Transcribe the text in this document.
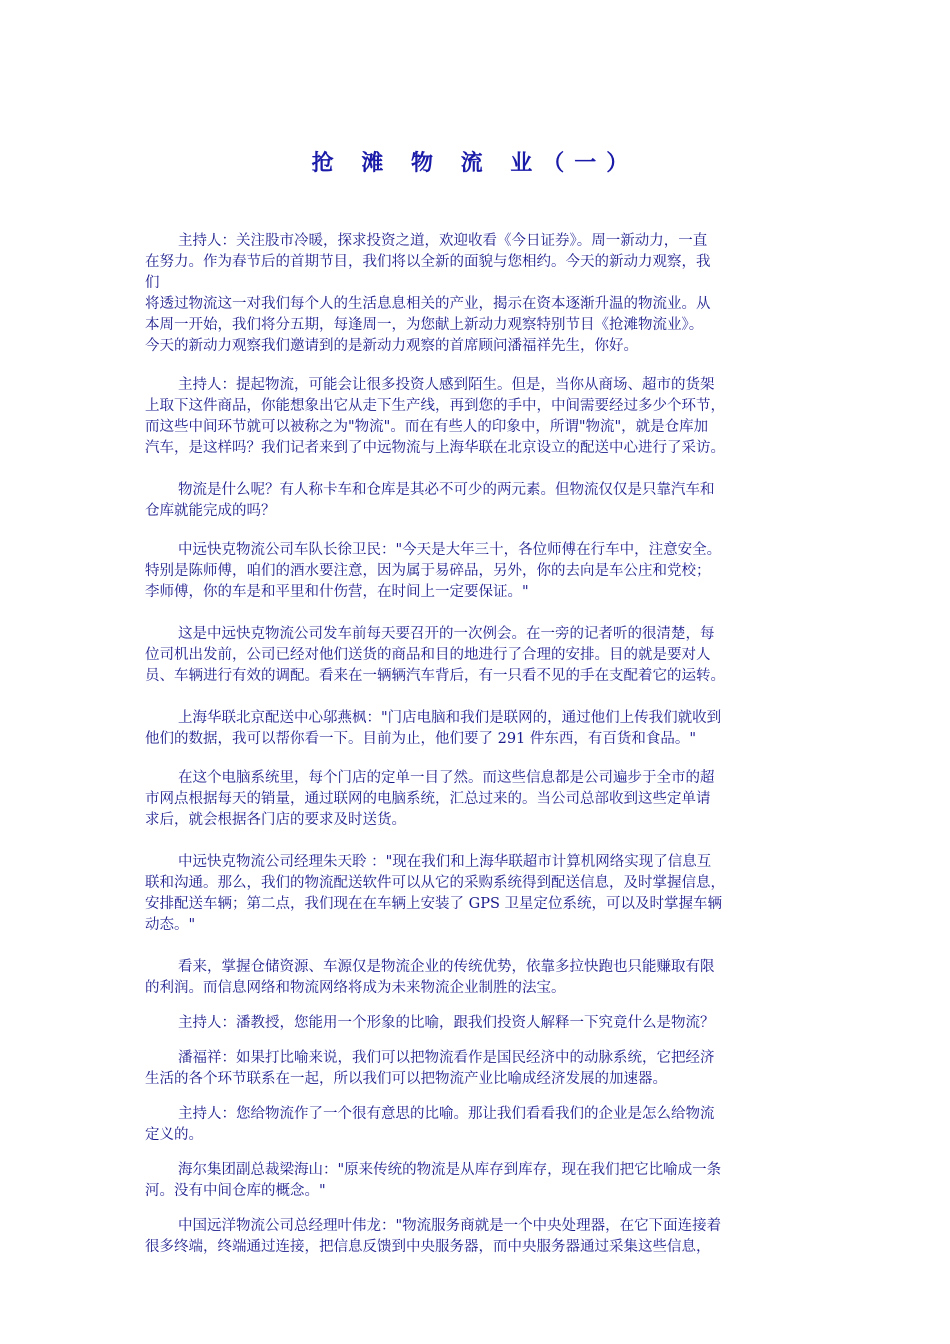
抢 滩 物 流 业（一）
主持人：关注股市冷暖，探求投资之道，欢迎收看《今日证券》。周一新动力，一直
在努力。作为春节后的首期节目，我们将以全新的面貌与您相约。今天的新动力观察，我
们
将透过物流这一对我们每个人的生活息息相关的产业，揭示在资本逐渐升温的物流业。从
本周一开始，我们将分五期，每逢周一，为您献上新动力观察特别节目《抢滩物流业》。
今天的新动力观察我们邀请到的是新动力观察的首席顾问潘福祥先生，你好。
主持人：提起物流，可能会让很多投资人感到陌生。但是，当你从商场、超市的货架
上取下这件商品，你能想象出它从走下生产线，再到您的手中，中间需要经过多少个环节，
而这些中间环节就可以被称之为"物流"。而在有些人的印象中，所谓"物流"，就是仓库加
汽车，是这样吗？我们记者来到了中远物流与上海华联在北京设立的配送中心进行了采访。
物流是什么呢？有人称卡车和仓库是其必不可少的两元素。但物流仅仅是只靠汽车和
仓库就能完成的吗？
中远快克物流公司车队长徐卫民："今天是大年三十，各位师傅在行车中，注意安全。
特别是陈师傅，咱们的酒水要注意，因为属于易碎品，另外，你的去向是车公庄和党校；
李师傅，你的车是和平里和什伤营，在时间上一定要保证。"
这是中远快克物流公司发车前每天要召开的一次例会。在一旁的记者听的很清楚，每
位司机出发前，公司已经对他们送货的商品和目的地进行了合理的安排。目的就是要对人
员、车辆进行有效的调配。看来在一辆辆汽车背后，有一只看不见的手在支配着它的运转。
上海华联北京配送中心邬燕枫："门店电脑和我们是联网的，通过他们上传我们就收到
他们的数据，我可以帮你看一下。目前为止，他们要了 291 件东西，有百货和食品。"
在这个电脑系统里，每个门店的定单一目了然。而这些信息都是公司遍步于全市的超
市网点根据每天的销量，通过联网的电脑系统，汇总过来的。当公司总部收到这些定单请
求后，就会根据各门店的要求及时送货。
中远快克物流公司经理朱天聆 ："现在我们和上海华联超市计算机网络实现了信息互
联和沟通。那么，我们的物流配送软件可以从它的采购系统得到配送信息，及时掌握信息，
安排配送车辆；第二点，我们现在在车辆上安装了 GPS 卫星定位系统，可以及时掌握车辆
动态。"
看来，掌握仓储资源、车源仅是物流企业的传统优势，依靠多拉快跑也只能赚取有限
的利润。而信息网络和物流网络将成为未来物流企业制胜的法宝。
主持人：潘教授，您能用一个形象的比喻，跟我们投资人解释一下究竟什么是物流？
潘福祥：如果打比喻来说，我们可以把物流看作是国民经济中的动脉系统，它把经济
生活的各个环节联系在一起，所以我们可以把物流产业比喻成经济发展的加速器。
主持人：您给物流作了一个很有意思的比喻。那让我们看看我们的企业是怎么给物流
定义的。
海尔集团副总裁梁海山："原来传统的物流是从库存到库存，现在我们把它比喻成一条
河。没有中间仓库的概念。"
中国远洋物流公司总经理叶伟龙："物流服务商就是一个中央处理器，在它下面连接着
很多终端，终端通过连接，把信息反馈到中央服务器，而中央服务器通过采集这些信息，
